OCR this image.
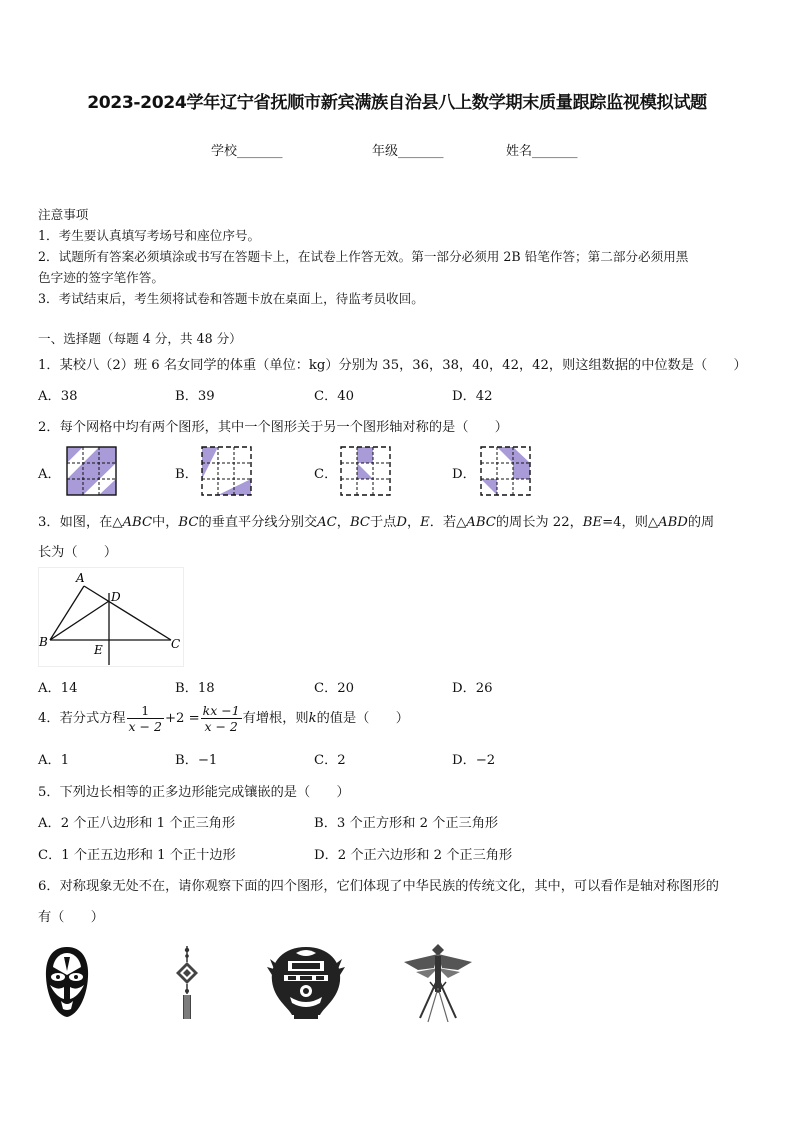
2023-2024学年辽宁省抚顺市新宾满族自治县八上数学期末质量跟踪监视模拟试题
学校_______	年级_______	姓名_______
注意事项
1．考生要认真填写考场号和座位序号。
2．试题所有答案必须填涂或书写在答题卡上，在试卷上作答无效。第一部分必须用 2B 铅笔作答；第二部分必须用黑
色字迹的签字笔作答。
3．考试结束后，考生须将试卷和答题卡放在桌面上，待监考员收回。
一、选择题（每题 4 分，共 48 分）
1．某校八（2）班 6 名女同学的体重（单位：kg）分别为 35，36，38，40，42，42，则这组数据的中位数是（　　）
A．38	B．39	C．40	D．42
2．每个网格中均有两个图形，其中一个图形关于另一个图形轴对称的是（　　）
A．	B．	C．	D．
3．如图，在△ABC中，BC的垂直平分线分别交AC，BC于点D，E．若△ABC的周长为 22，BE=4，则△ABD的周
长为（　　）
A
B	C
D
E
A．14	B．18	C．20	D．26
4．若分式方程 $\frac{1}{x - 2} +2 = \frac{kx -1}{x - 2}$ 有增根，则k的值是（　　）
A．1	B．−1	C．2	D．−2
5．下列边长相等的正多边形能完成镶嵌的是（　　）
A．2 个正八边形和 1 个正三角形	B．3 个正方形和 2 个正三角形
C．1 个正五边形和 1 个正十边形	D．2 个正六边形和 2 个正三角形
6．对称现象无处不在，请你观察下面的四个图形，它们体现了中华民族的传统文化，其中，可以看作是轴对称图形的
有（　　）
